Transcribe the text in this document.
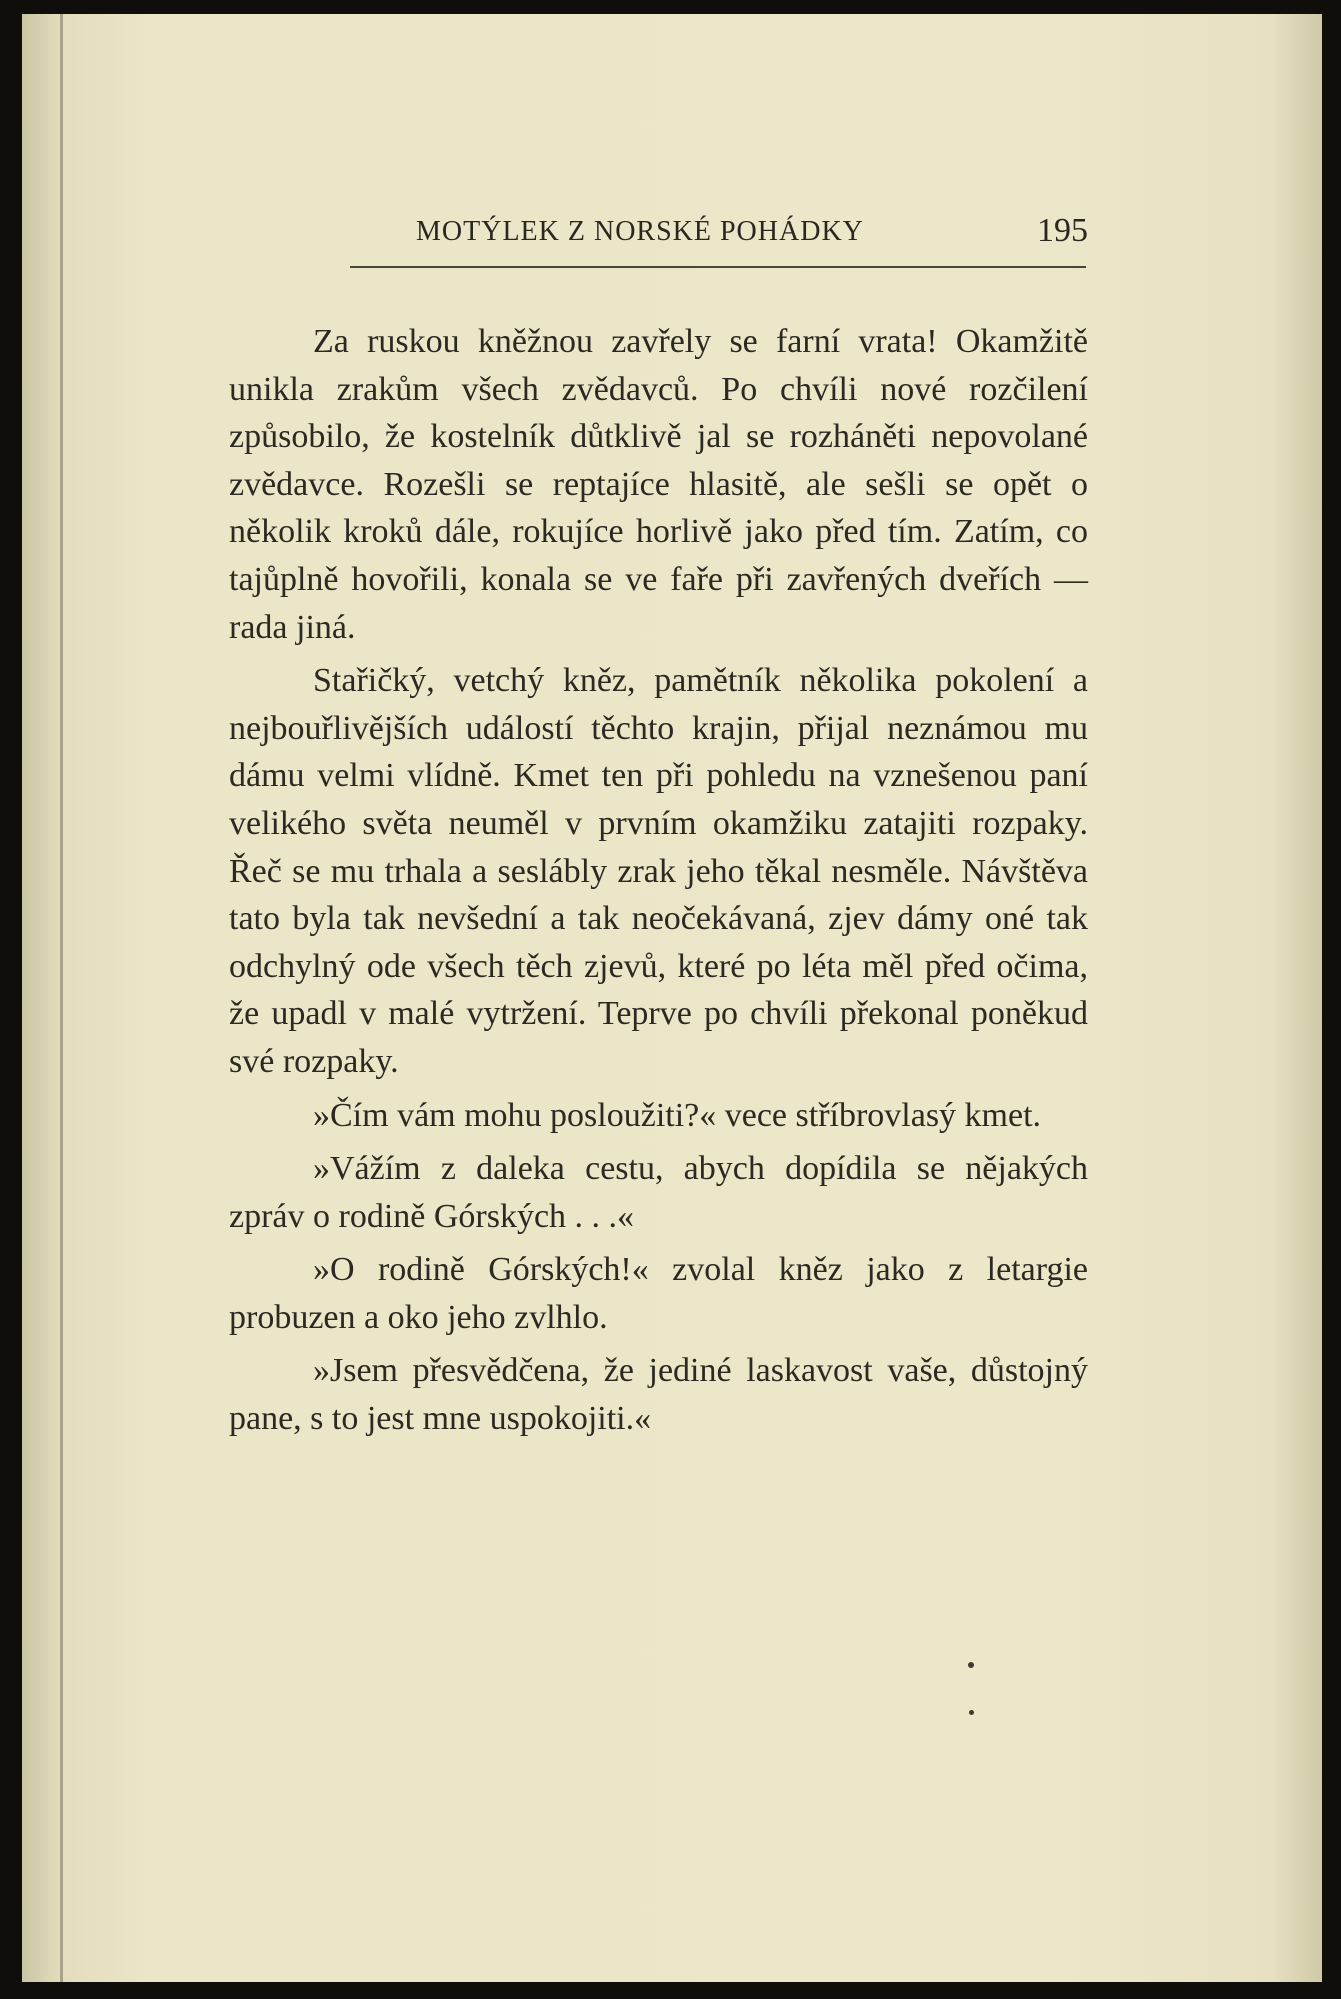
MOTÝLEK Z NORSKÉ POHÁDKY	195

Za ruskou kněžnou zavřely se farní vrata! Okamžitě unikla zrakům všech zvědavců. Po chvíli nové rozčilení způsobilo, že kostelník důtklivě jal se rozháněti nepovolané zvědavce. Rozešli se reptajíce hlasitě, ale sešli se opět o několik kroků dále, rokujíce horlivě jako před tím. Zatím, co tajůplně hovořili, konala se ve faře při zavřených dveřích — rada jiná.

Stařičký, vetchý kněz, pamětník několika pokolení a nejbouřlivějších událostí těchto krajin, přijal neznámou mu dámu velmi vlídně. Kmet ten při pohledu na vznešenou paní velikého světa neuměl v prvním okamžiku zatajiti rozpaky. Řeč se mu trhala a seslábly zrak jeho těkal nesměle. Návštěva tato byla tak nevšední a tak neočekávaná, zjev dámy oné tak odchylný ode všech těch zjevů, které po léta měl před očima, že upadl v malé vytržení. Teprve po chvíli překonal poněkud své rozpaky.

»Čím vám mohu posloužiti?« vece stříbrovlasý kmet.

»Vážím z daleka cestu, abych dopídila se nějakých zpráv o rodině Górských . . .«

»O rodině Górských!« zvolal kněz jako z letargie probuzen a oko jeho zvlhlo.

»Jsem přesvědčena, že jediné laskavost vaše, důstojný pane, s to jest mne uspokojiti.«
